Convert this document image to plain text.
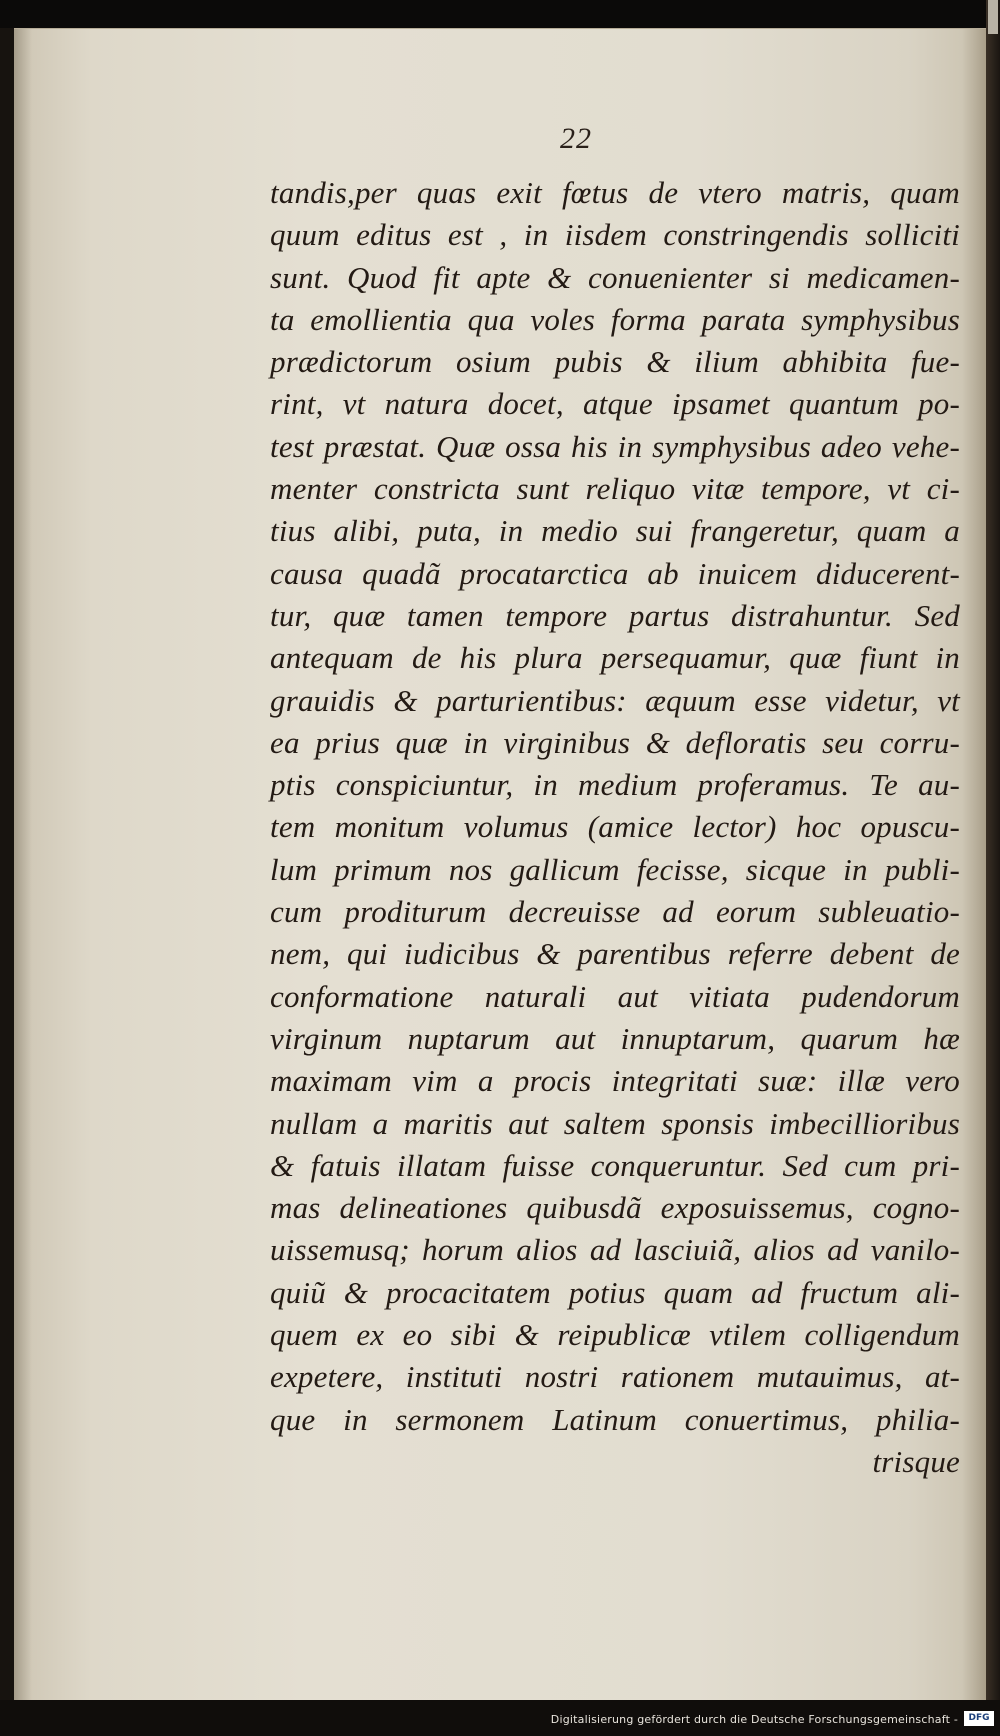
22
tandis,per quas exit fœtus de vtero matris, quam
quum editus est , in iisdem constringendis solliciti
sunt. Quod fit apte & conuenienter si medicamen-
ta emollientia qua voles forma parata symphysibus
prædictorum osium pubis & ilium abhibita fue-
rint, vt natura docet, atque ipsamet quantum po-
test præstat. Quæ ossa his in symphysibus adeo vehe-
menter constricta sunt reliquo vitæ tempore, vt ci-
tius alibi, puta, in medio sui frangeretur, quam a
causa quadã procatarctica ab inuicem diducerent-
tur, quæ tamen tempore partus distrahuntur. Sed
antequam de his plura persequamur, quæ fiunt in
grauidis & parturientibus: æquum esse videtur, vt
ea prius quæ in virginibus & defloratis seu corru-
ptis conspiciuntur, in medium proferamus. Te au-
tem monitum volumus (amice lector) hoc opuscu-
lum primum nos gallicum fecisse, sicque in publi-
cum proditurum decreuisse ad eorum subleuatio-
nem, qui iudicibus & parentibus referre debent de
conformatione naturali aut vitiata pudendorum
virginum nuptarum aut innuptarum, quarum hæ
maximam vim a procis integritati suæ: illæ vero
nullam a maritis aut saltem sponsis imbecillioribus
& fatuis illatam fuisse conqueruntur. Sed cum pri-
mas delineationes quibusdã exposuissemus, cogno-
uissemusq; horum alios ad lasciuiã, alios ad vanilo-
quiũ & procacitatem potius quam ad fructum ali-
quem ex eo sibi & reipublicæ vtilem colligendum
expetere, instituti nostri rationem mutauimus, at-
que in sermonem Latinum conuertimus, philia-
trisque
Digitalisierung gefördert durch die Deutsche Forschungsgemeinschaft -	DFG
